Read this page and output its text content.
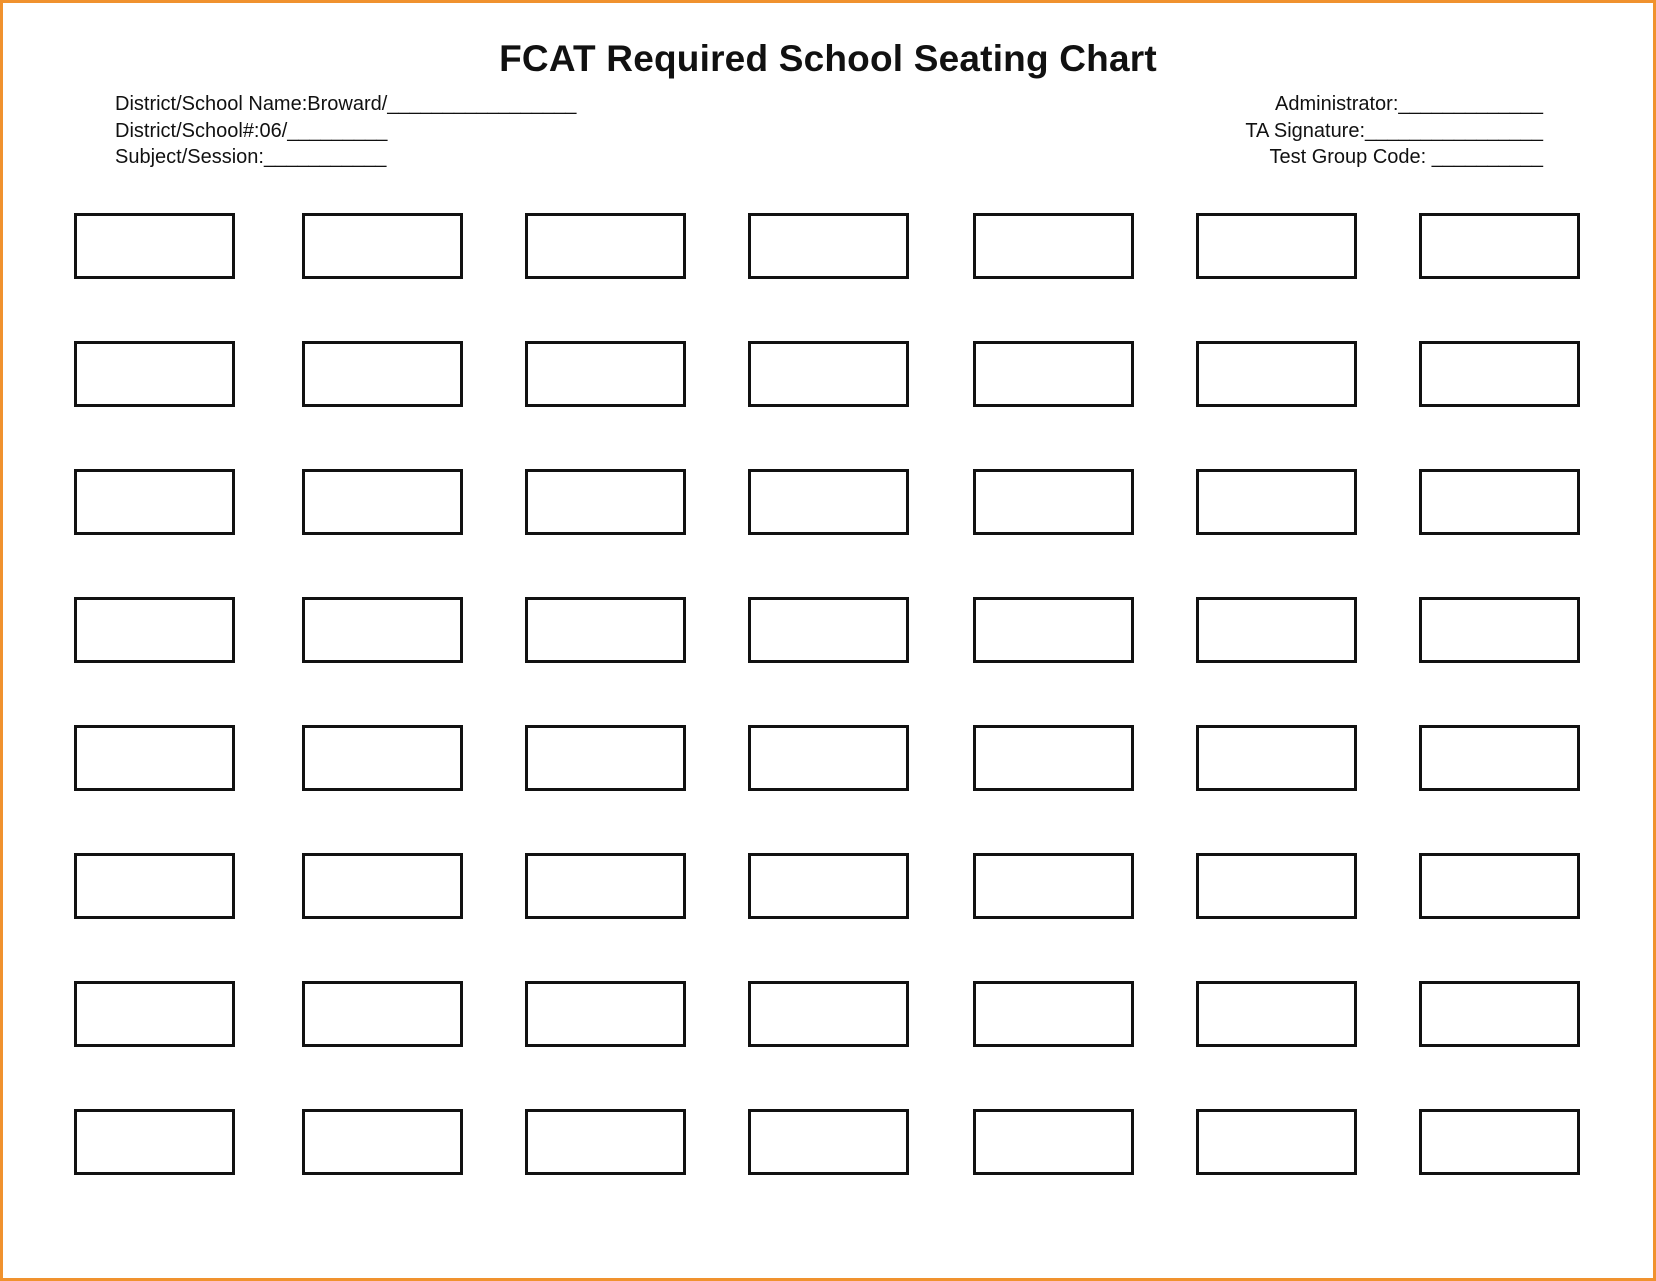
FCAT Required School Seating Chart
District/School Name:Broward/_________________
District/School#:06/_________
Subject/Session:___________
Administrator:_____________
TA Signature:________________
Test Group Code: __________
